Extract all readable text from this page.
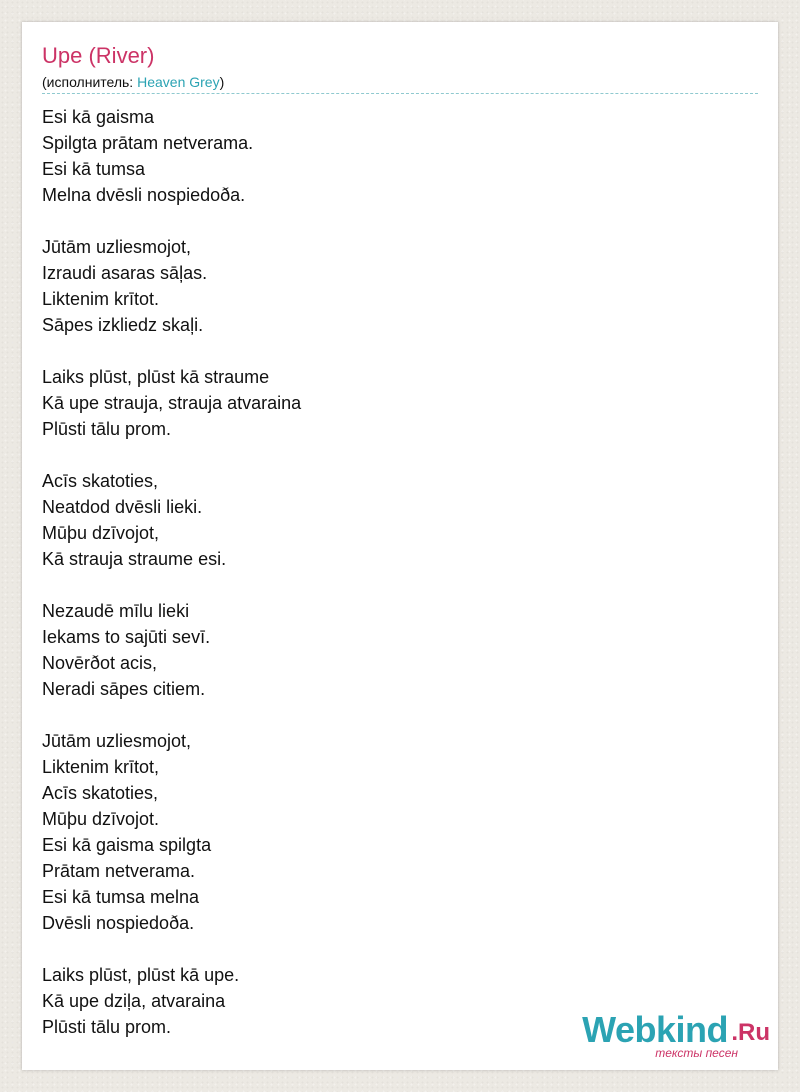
Upe (River)
(исполнитель: Heaven Grey)
Esi kā gaisma
Spilgta prātam netverama.
Esi kā tumsa
Melna dvēsli nospiedoða.
Jūtām uzliesmojot,
Izraudi asaras sāļas.
Liktenim krītot.
Sāpes izkliedz skaļi.
Laiks plūst, plūst kā straume
Kā upe strauja, strauja atvaraina
Plūsti tālu prom.
Acīs skatoties,
Neatdod dvēsli lieki.
Mūþu dzīvojot,
Kā strauja straume esi.
Nezaudē mīlu lieki
Iekams to sajūti sevī.
Novērðot acis,
Neradi sāpes citiem.
Jūtām uzliesmojot,
Liktenim krītot,
Acīs skatoties,
Mūþu dzīvojot.
Esi kā gaisma spilgta
Prātam netverama.
Esi kā tumsa melna
Dvēsli nospiedoða.
Laiks plūst, plūst kā upe.
Kā upe dziļa, atvaraina
Plūsti tālu prom.	Webkind .Ru
тексты песен
